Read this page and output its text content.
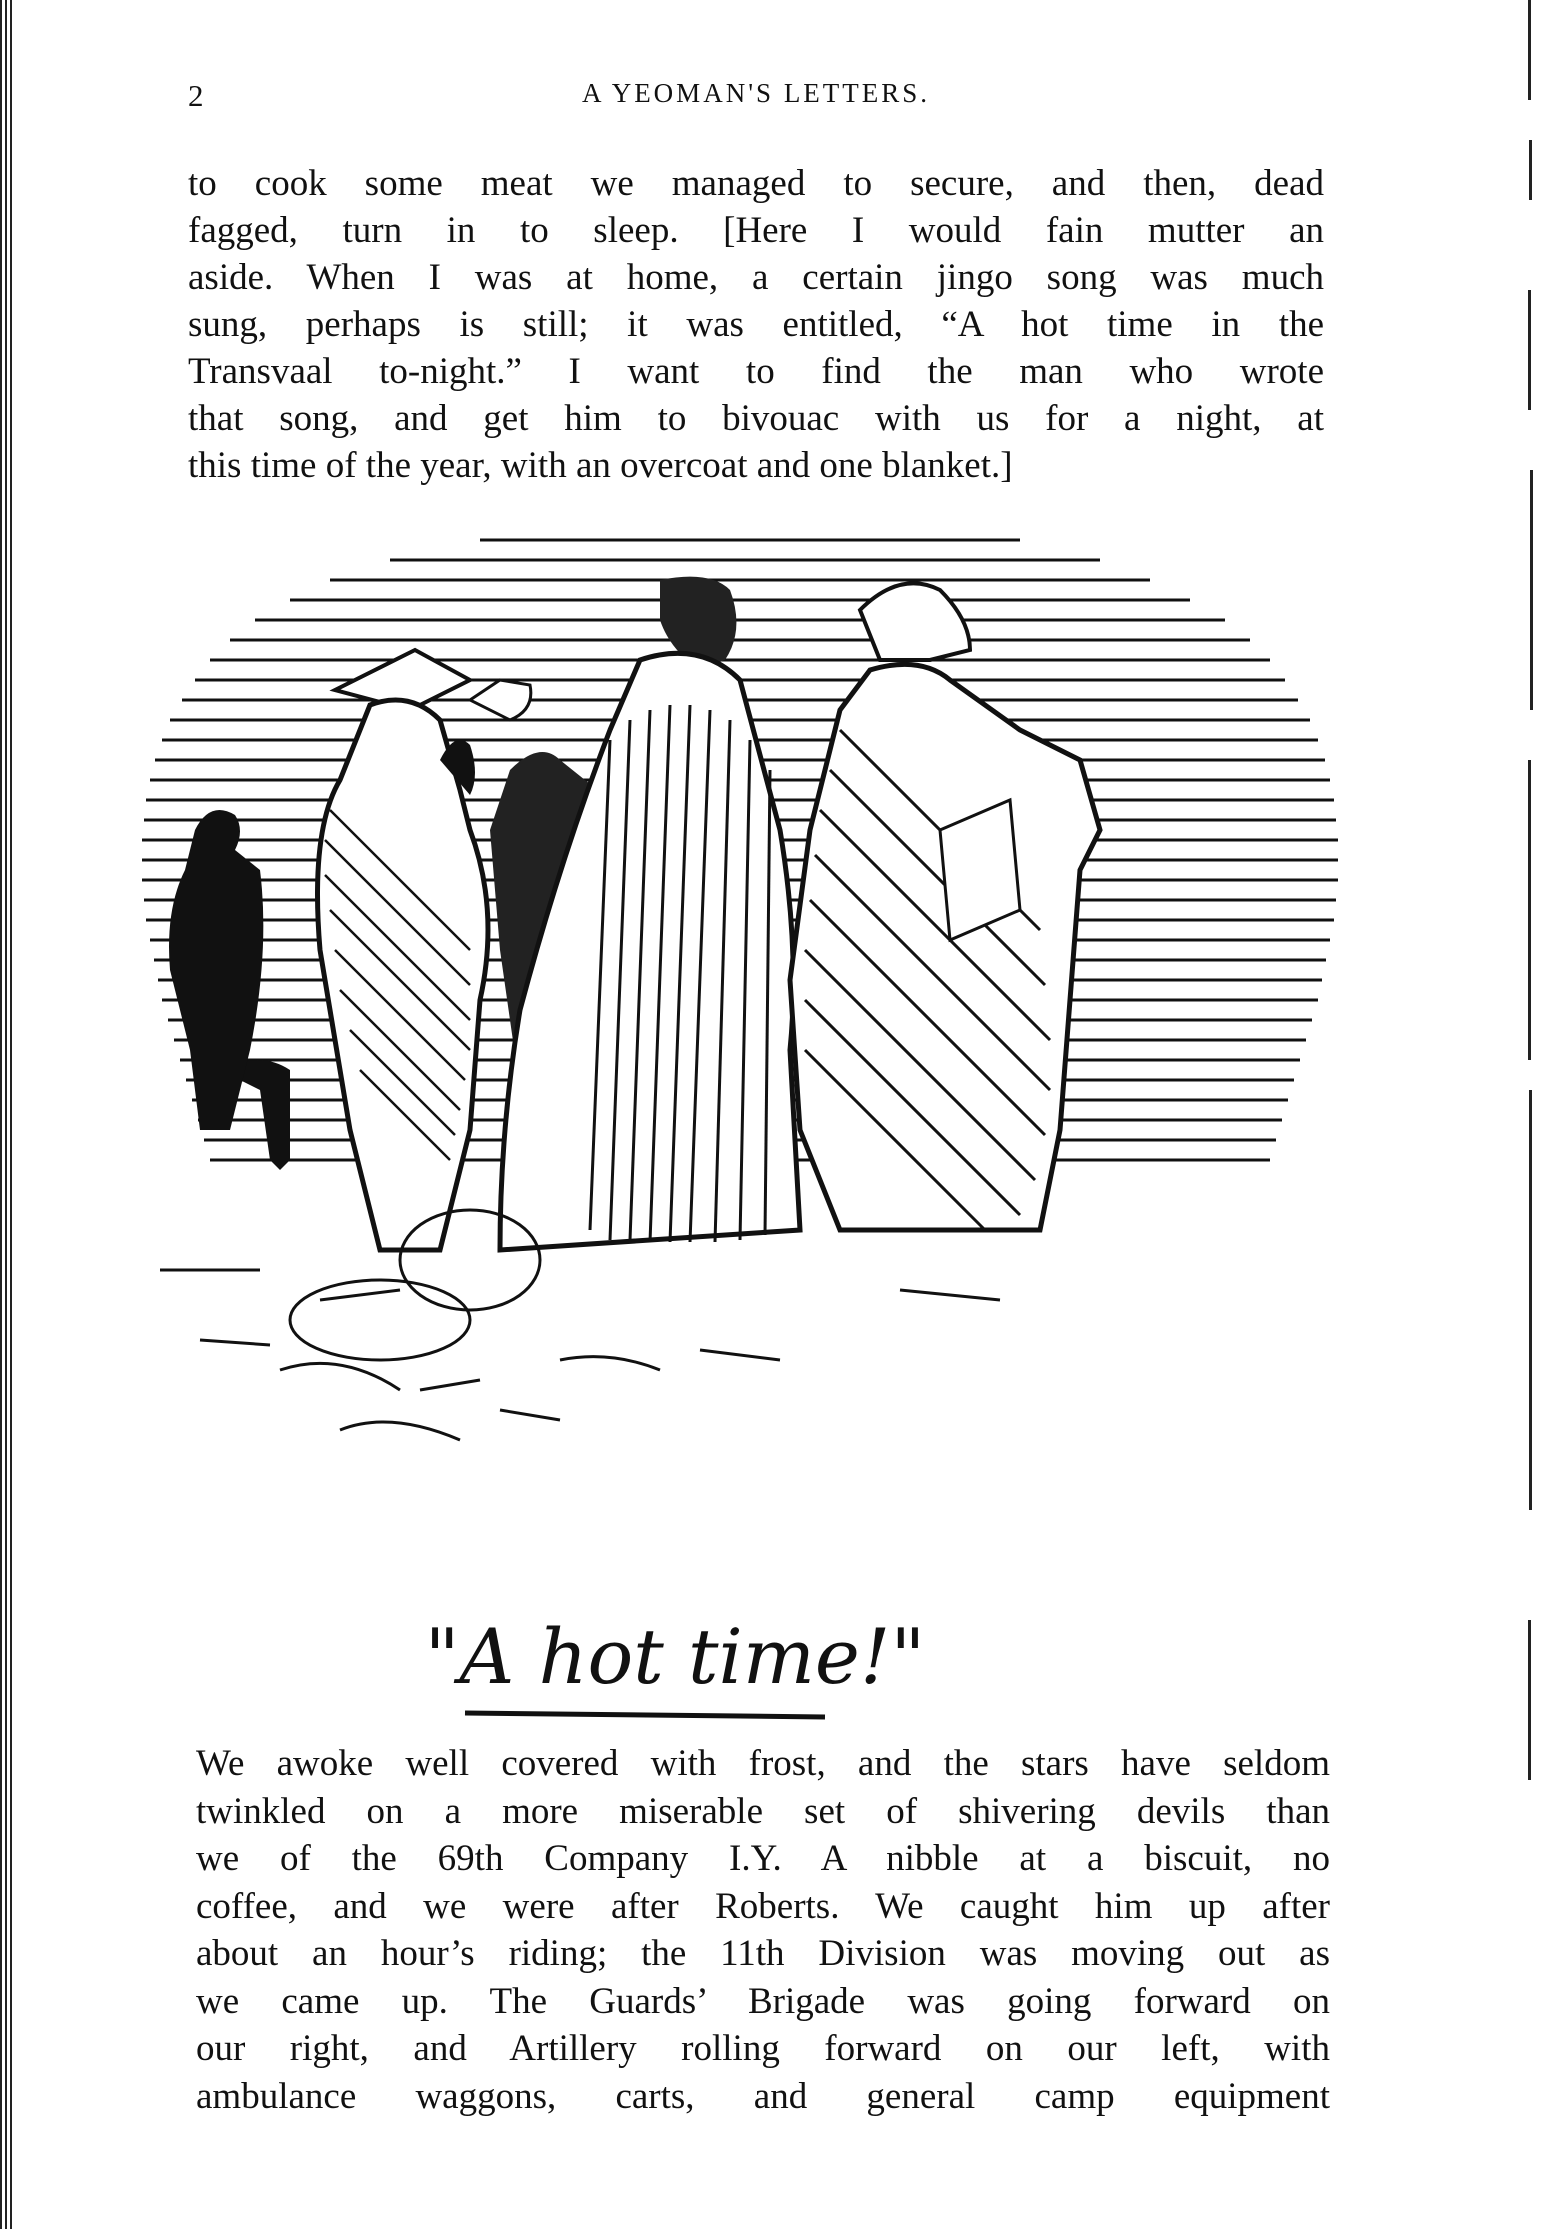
2	A YEOMAN'S LETTERS.

to cook some meat we managed to secure, and then, dead
fagged, turn in to sleep. [Here I would fain mutter an
aside. When I was at home, a certain jingo song was much
sung, perhaps is still; it was entitled, “A hot time in the
Transvaal to-night.” I want to find the man who wrote
that song, and get him to bivouac with us for a night, at

this time of the year, with an overcoat and one blanket.]

"A hot time!"

We awoke well covered with frost, and the stars have seldom
twinkled on a more miserable set of shivering devils than
we of the 69th Company I.Y. A nibble at a biscuit, no
coffee, and we were after Roberts. We caught him up after
about an hour’s riding; the 11th Division was moving out as
we came up. The Guards’ Brigade was going forward on
our right, and Artillery rolling forward on our left, with
ambulance waggons, carts, and general camp equipment
